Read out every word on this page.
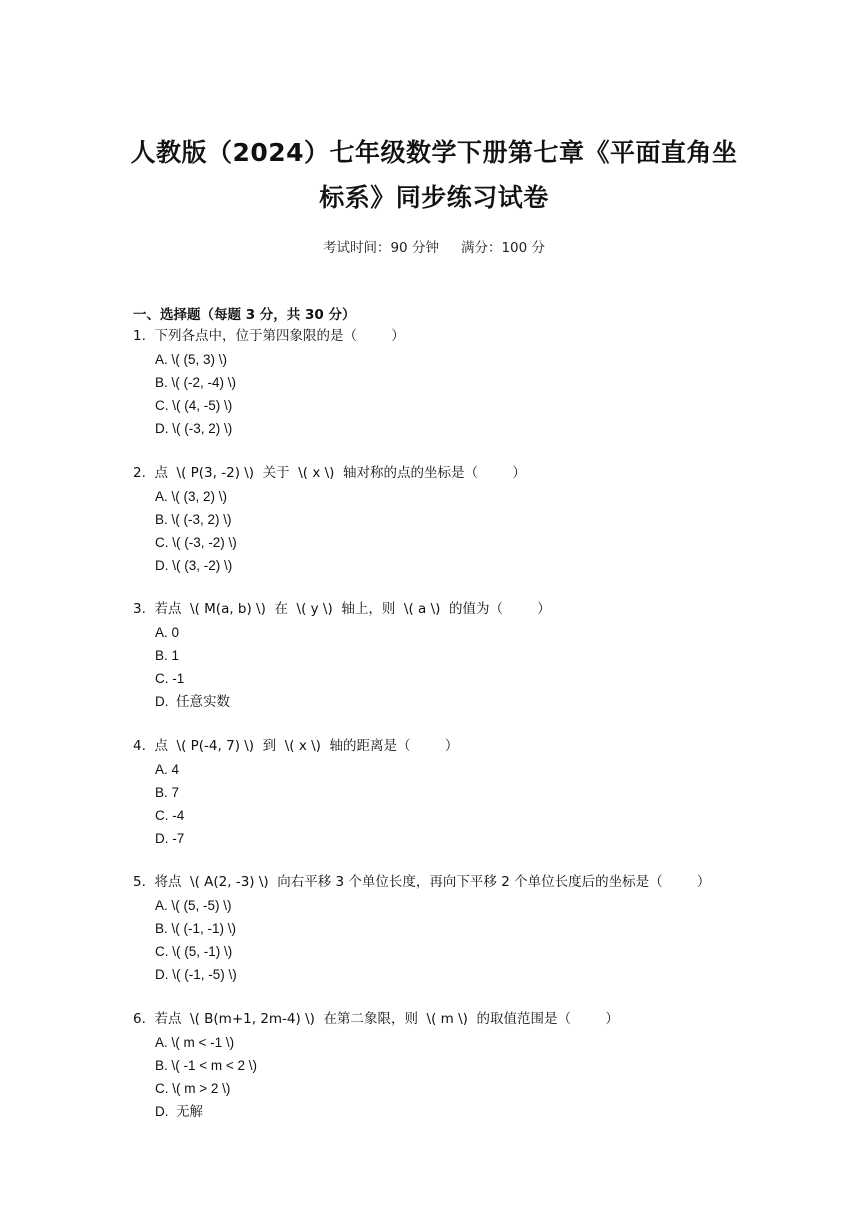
人教版（2024）七年级数学下册第七章《平面直角坐
标系》同步练习试卷
考试时间：90 分钟 满分：100 分
一、选择题（每题 3 分，共 30 分）
1.  下列各点中，位于第四象限的是（        ）
A. \( (5, 3) \)
B. \( (-2, -4) \)
C. \( (4, -5) \)
D. \( (-3, 2) \)
2.  点  \( P(3, -2) \)  关于  \( x \)  轴对称的点的坐标是（        ）
A. \( (3, 2) \)
B. \( (-3, 2) \)
C. \( (-3, -2) \)
D. \( (3, -2) \)
3.  若点  \( M(a, b) \)  在  \( y \)  轴上，则  \( a \)  的值为（        ）
A. 0
B. 1
C. -1
D.  任意实数
4.  点  \( P(-4, 7) \)  到  \( x \)  轴的距离是（        ）
A. 4
B. 7
C. -4
D. -7
5.  将点  \( A(2, -3) \)  向右平移 3 个单位长度，再向下平移 2 个单位长度后的坐标是（        ）
A. \( (5, -5) \)
B. \( (-1, -1) \)
C. \( (5, -1) \)
D. \( (-1, -5) \)
6.  若点  \( B(m+1, 2m-4) \)  在第二象限，则  \( m \)  的取值范围是（        ）
A. \( m < -1 \)
B. \( -1 < m < 2 \)
C. \( m > 2 \)
D.  无解
